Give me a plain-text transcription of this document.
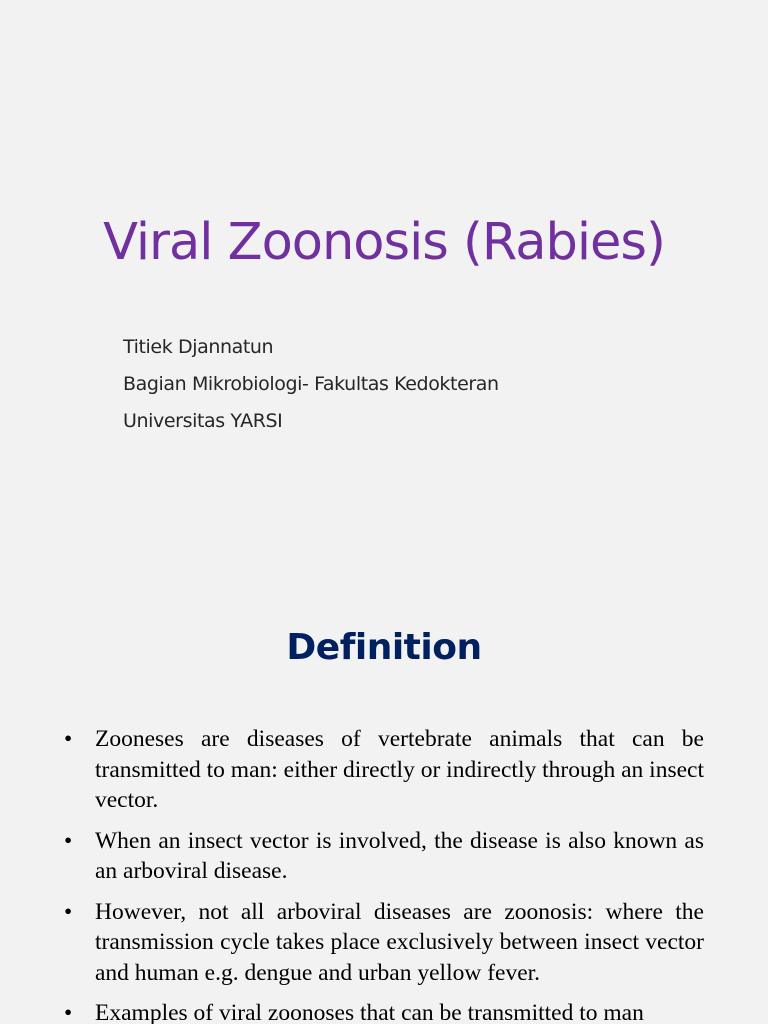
Viral Zoonosis (Rabies)
Titiek Djannatun
Bagian Mikrobiologi- Fakultas Kedokteran
Universitas YARSI
Definition
• Zooneses are diseases of vertebrate animals that can be transmitted to man: either directly or indirectly through an insect vector.
• When an insect vector is involved, the disease is also known as an arboviral disease.
• However, not all arboviral diseases are zoonosis: where the transmission cycle takes place exclusively between insect vector and human e.g. dengue and urban yellow fever.
• Examples of viral zoonoses that can be transmitted to man
